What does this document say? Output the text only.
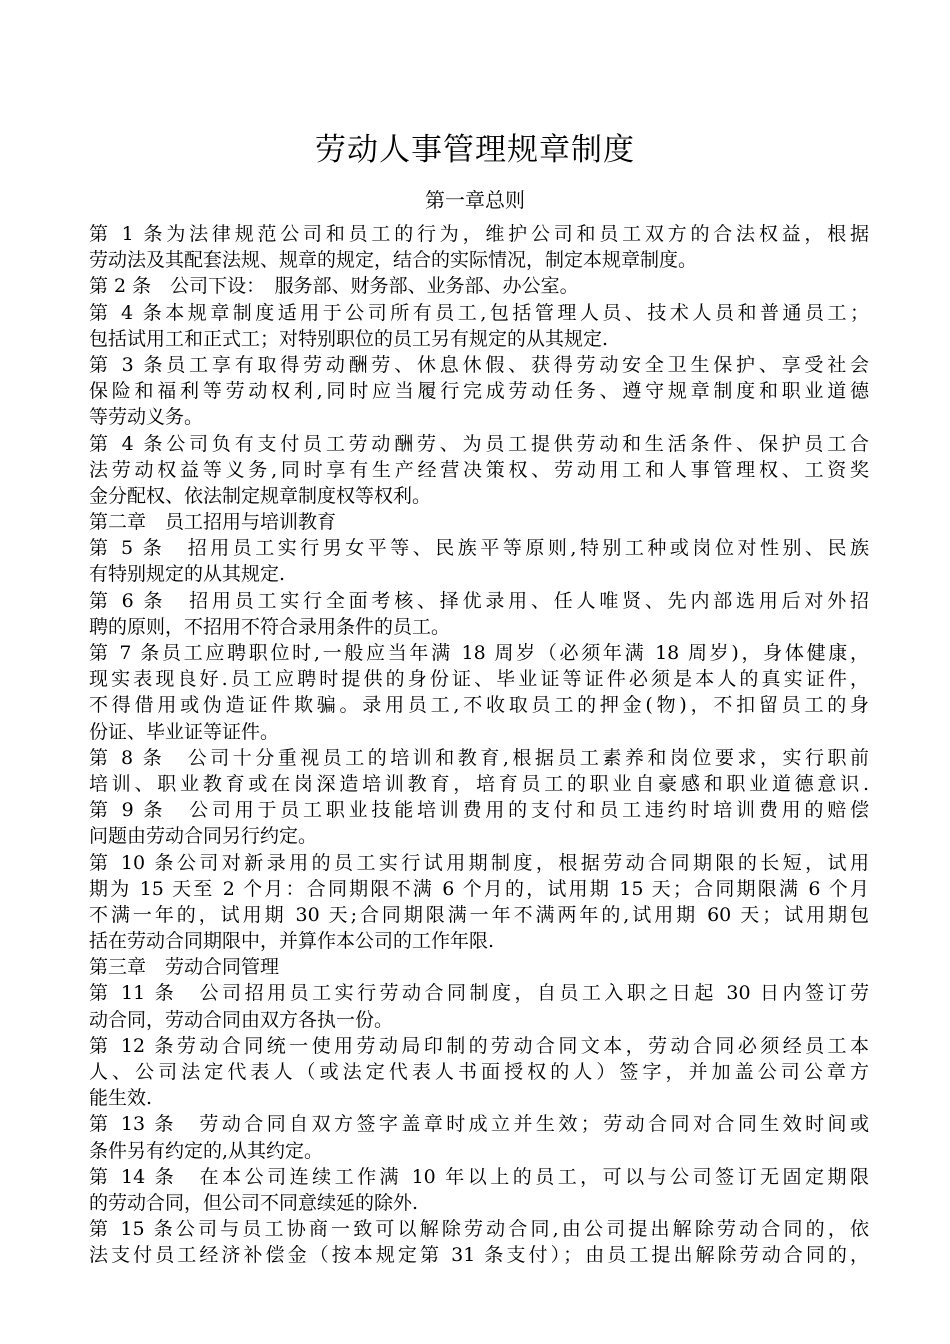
劳动人事管理规章制度
第一章总则
第 1 条为法律规范公司和员工的行为，维护公司和员工双方的合法权益，根据
劳动法及其配套法规、规章的规定，结合的实际情况，制定本规章制度。
第 2 条　公司下设：　服务部、财务部、业务部、办公室。
第 4 条本规章制度适用于公司所有员工,包括管理人员、技术人员和普通员工；
包括试用工和正式工；对特别职位的员工另有规定的从其规定.
第 3 条员工享有取得劳动酬劳、休息休假、获得劳动安全卫生保护、享受社会
保险和福利等劳动权利,同时应当履行完成劳动任务、遵守规章制度和职业道德
等劳动义务。
第 4 条公司负有支付员工劳动酬劳、为员工提供劳动和生活条件、保护员工合
法劳动权益等义务,同时享有生产经营决策权、劳动用工和人事管理权、工资奖
金分配权、依法制定规章制度权等权利。
第二章　员工招用与培训教育
第 5 条　招用员工实行男女平等、民族平等原则,特别工种或岗位对性别、民族
有特别规定的从其规定.
第 6 条　招用员工实行全面考核、择优录用、任人唯贤、先内部选用后对外招
聘的原则，不招用不符合录用条件的员工。
第 7 条员工应聘职位时,一般应当年满 18 周岁（必须年满 18 周岁)，身体健康，
现实表现良好.员工应聘时提供的身份证、毕业证等证件必须是本人的真实证件，
不得借用或伪造证件欺骗。录用员工,不收取员工的押金(物)，不扣留员工的身
份证、毕业证等证件。
第 8 条　公司十分重视员工的培训和教育,根据员工素养和岗位要求，实行职前
培训、职业教育或在岗深造培训教育，培育员工的职业自豪感和职业道德意识.
第 9 条　公司用于员工职业技能培训费用的支付和员工违约时培训费用的赔偿
问题由劳动合同另行约定。
第 10 条公司对新录用的员工实行试用期制度，根据劳动合同期限的长短，试用
期为 15 天至 2 个月：合同期限不满 6 个月的，试用期 15 天；合同期限满 6 个月
不满一年的，试用期 30 天;合同期限满一年不满两年的,试用期 60 天；试用期包
括在劳动合同期限中，并算作本公司的工作年限.
第三章　劳动合同管理
第 11 条　公司招用员工实行劳动合同制度，自员工入职之日起 30 日内签订劳
动合同，劳动合同由双方各执一份。
第 12 条劳动合同统一使用劳动局印制的劳动合同文本，劳动合同必须经员工本
人、公司法定代表人（或法定代表人书面授权的人）签字，并加盖公司公章方
能生效.
第 13 条　劳动合同自双方签字盖章时成立并生效；劳动合同对合同生效时间或
条件另有约定的,从其约定。
第 14 条　在本公司连续工作满 10 年以上的员工，可以与公司签订无固定期限
的劳动合同，但公司不同意续延的除外.
第 15 条公司与员工协商一致可以解除劳动合同,由公司提出解除劳动合同的，依
法支付员工经济补偿金（按本规定第 31 条支付）；由员工提出解除劳动合同的，
